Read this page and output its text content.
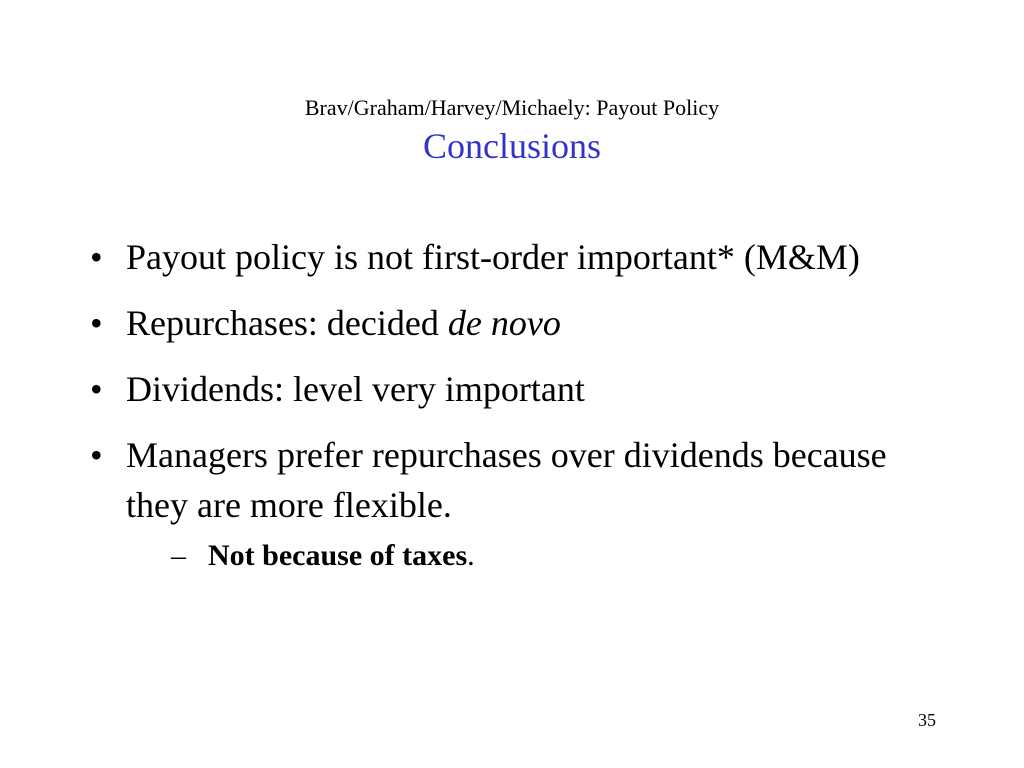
Brav/Graham/Harvey/Michaely: Payout Policy
Conclusions
• Payout policy is not first-order important* (M&M)
• Repurchases: decided de novo
• Dividends: level very important
• Managers prefer repurchases over dividends because they are more flexible.
– Not because of taxes.
35
